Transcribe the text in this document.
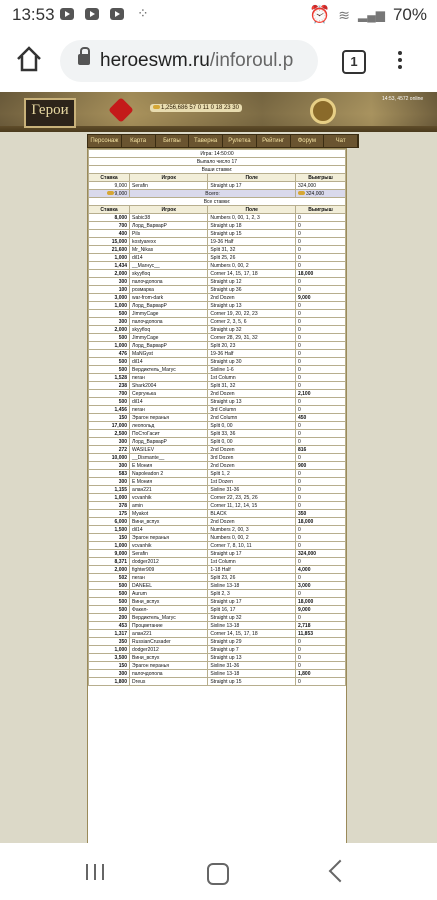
13:53	⁘	⏰ ≋ ▂▄▆ 70%
heroeswm.ru/inforoul.p	1
Герои	1,256,686 57 0 11 0 18 23 30
14:53, 4572 online
Персонаж	Карта	Битвы	Таверна	Рулетка	Рейтинг	Форум	Чат
Игра: 14:50:00			
Выпало число 17			
Ваши ставки:			
Ставка	Игрок	Поле	Выигрыш
9,000	Serafin	Straight up 17	324,000
9,000	Всего:		324,000
Все ставки:			
Ставка	Игрок	Поле	Выигрыш
8,000	Sabic38	Numbers 0, 00, 1, 2, 3	0
700	Лорд_ВарварР	Straight up 18	0
400	Pils	Straight up 15	0
15,000	kostyarexx	19-36 Half	0
21,600	Mr_Nikas	Split 31, 32	0
1,000	dil14	Split 25, 26	0
1,434	__Магнус__	Numbers 0, 00, 2	0
2,000	skyyfloq	Corner 14, 15, 17, 18	18,000
300	палочдопола	Straight up 12	0
100	розмарка	Straight up 36	0
3,000	war-from-dark	2nd Dozen	9,000
1,000	Лорд_ВарварР	Straight up 13	0
500	JimmyCage	Corner 19, 20, 22, 23	0
300	палочдопола	Corner 2, 3, 5, 6	0
2,000	skyyfloq	Straight up 32	0
500	JimmyCage	Corner 28, 29, 31, 32	0
1,000	Лорд_ВарварР	Split 20, 23	0
476	MaNGyst	19-36 Half	0
500	dil14	Straight up 30	0
500	Вердиктель_Магус	Sixline 1-6	0
1,528	пеган	1st Column	0
238	Shark2004	Split 31, 32	0
700	Сергунька	2nd Dozen	2,100
500	dil14	Straight up 13	0
1,456	пеган	3rd Column	0
150	Эрагон перанья	2nd Column	450
17,000	леопольд	Split 0, 00	0
2,500	ПоСтоГасит	Split 33, 36	0
300	Лорд_ВарварР	Split 0, 00	0
272	WASILEV	2nd Dozen	816
10,000	__Dismante__	3rd Dozen	0
300	E Мония	2nd Dozen	900
583	Napoleadon 2	Split 1, 2	0
300	E Мония	1st Dozen	0
1,155	алан221	Sixline 31-36	0
1,000	vcvanhik	Corner 22, 23, 25, 26	0
378	amin	Corner 11, 12, 14, 15	0
175	Myakot	BLACK	350
6,000	Вини_вспух	2nd Dozen	18,000
1,500	dil14	Numbers 2, 00, 3	0
150	Эрагон перанья	Numbers 0, 00, 2	0
1,000	vcvanhik	Corner 7, 8, 10, 11	0
9,000	Serafin	Straight up 17	324,000
8,371	dodger2012	1st Column	0
2,000	fighter909	1-18 Half	4,000
502	пеган	Split 23, 26	0
500	DANEEL	Sixline 13-18	3,000
500	Aurum	Split 2, 3	0
500	Вини_вспух	Straight up 17	18,000
500	Факел-	Split 16, 17	9,000
200	Вердиктель_Магус	Straight up 32	0
453	Процветание	Sixline 13-18	2,718
1,317	алан221	Corner 14, 15, 17, 18	11,853
350	RussianCrusader	Straight up 29	0
1,000	dodger2012	Straight up 7	0
3,500	Вини_вспух	Straight up 13	0
150	Эрагон перанья	Sixline 31-36	0
300	палочдопола	Sixline 13-18	1,800
1,800	Dreus	Straight up 15	0
